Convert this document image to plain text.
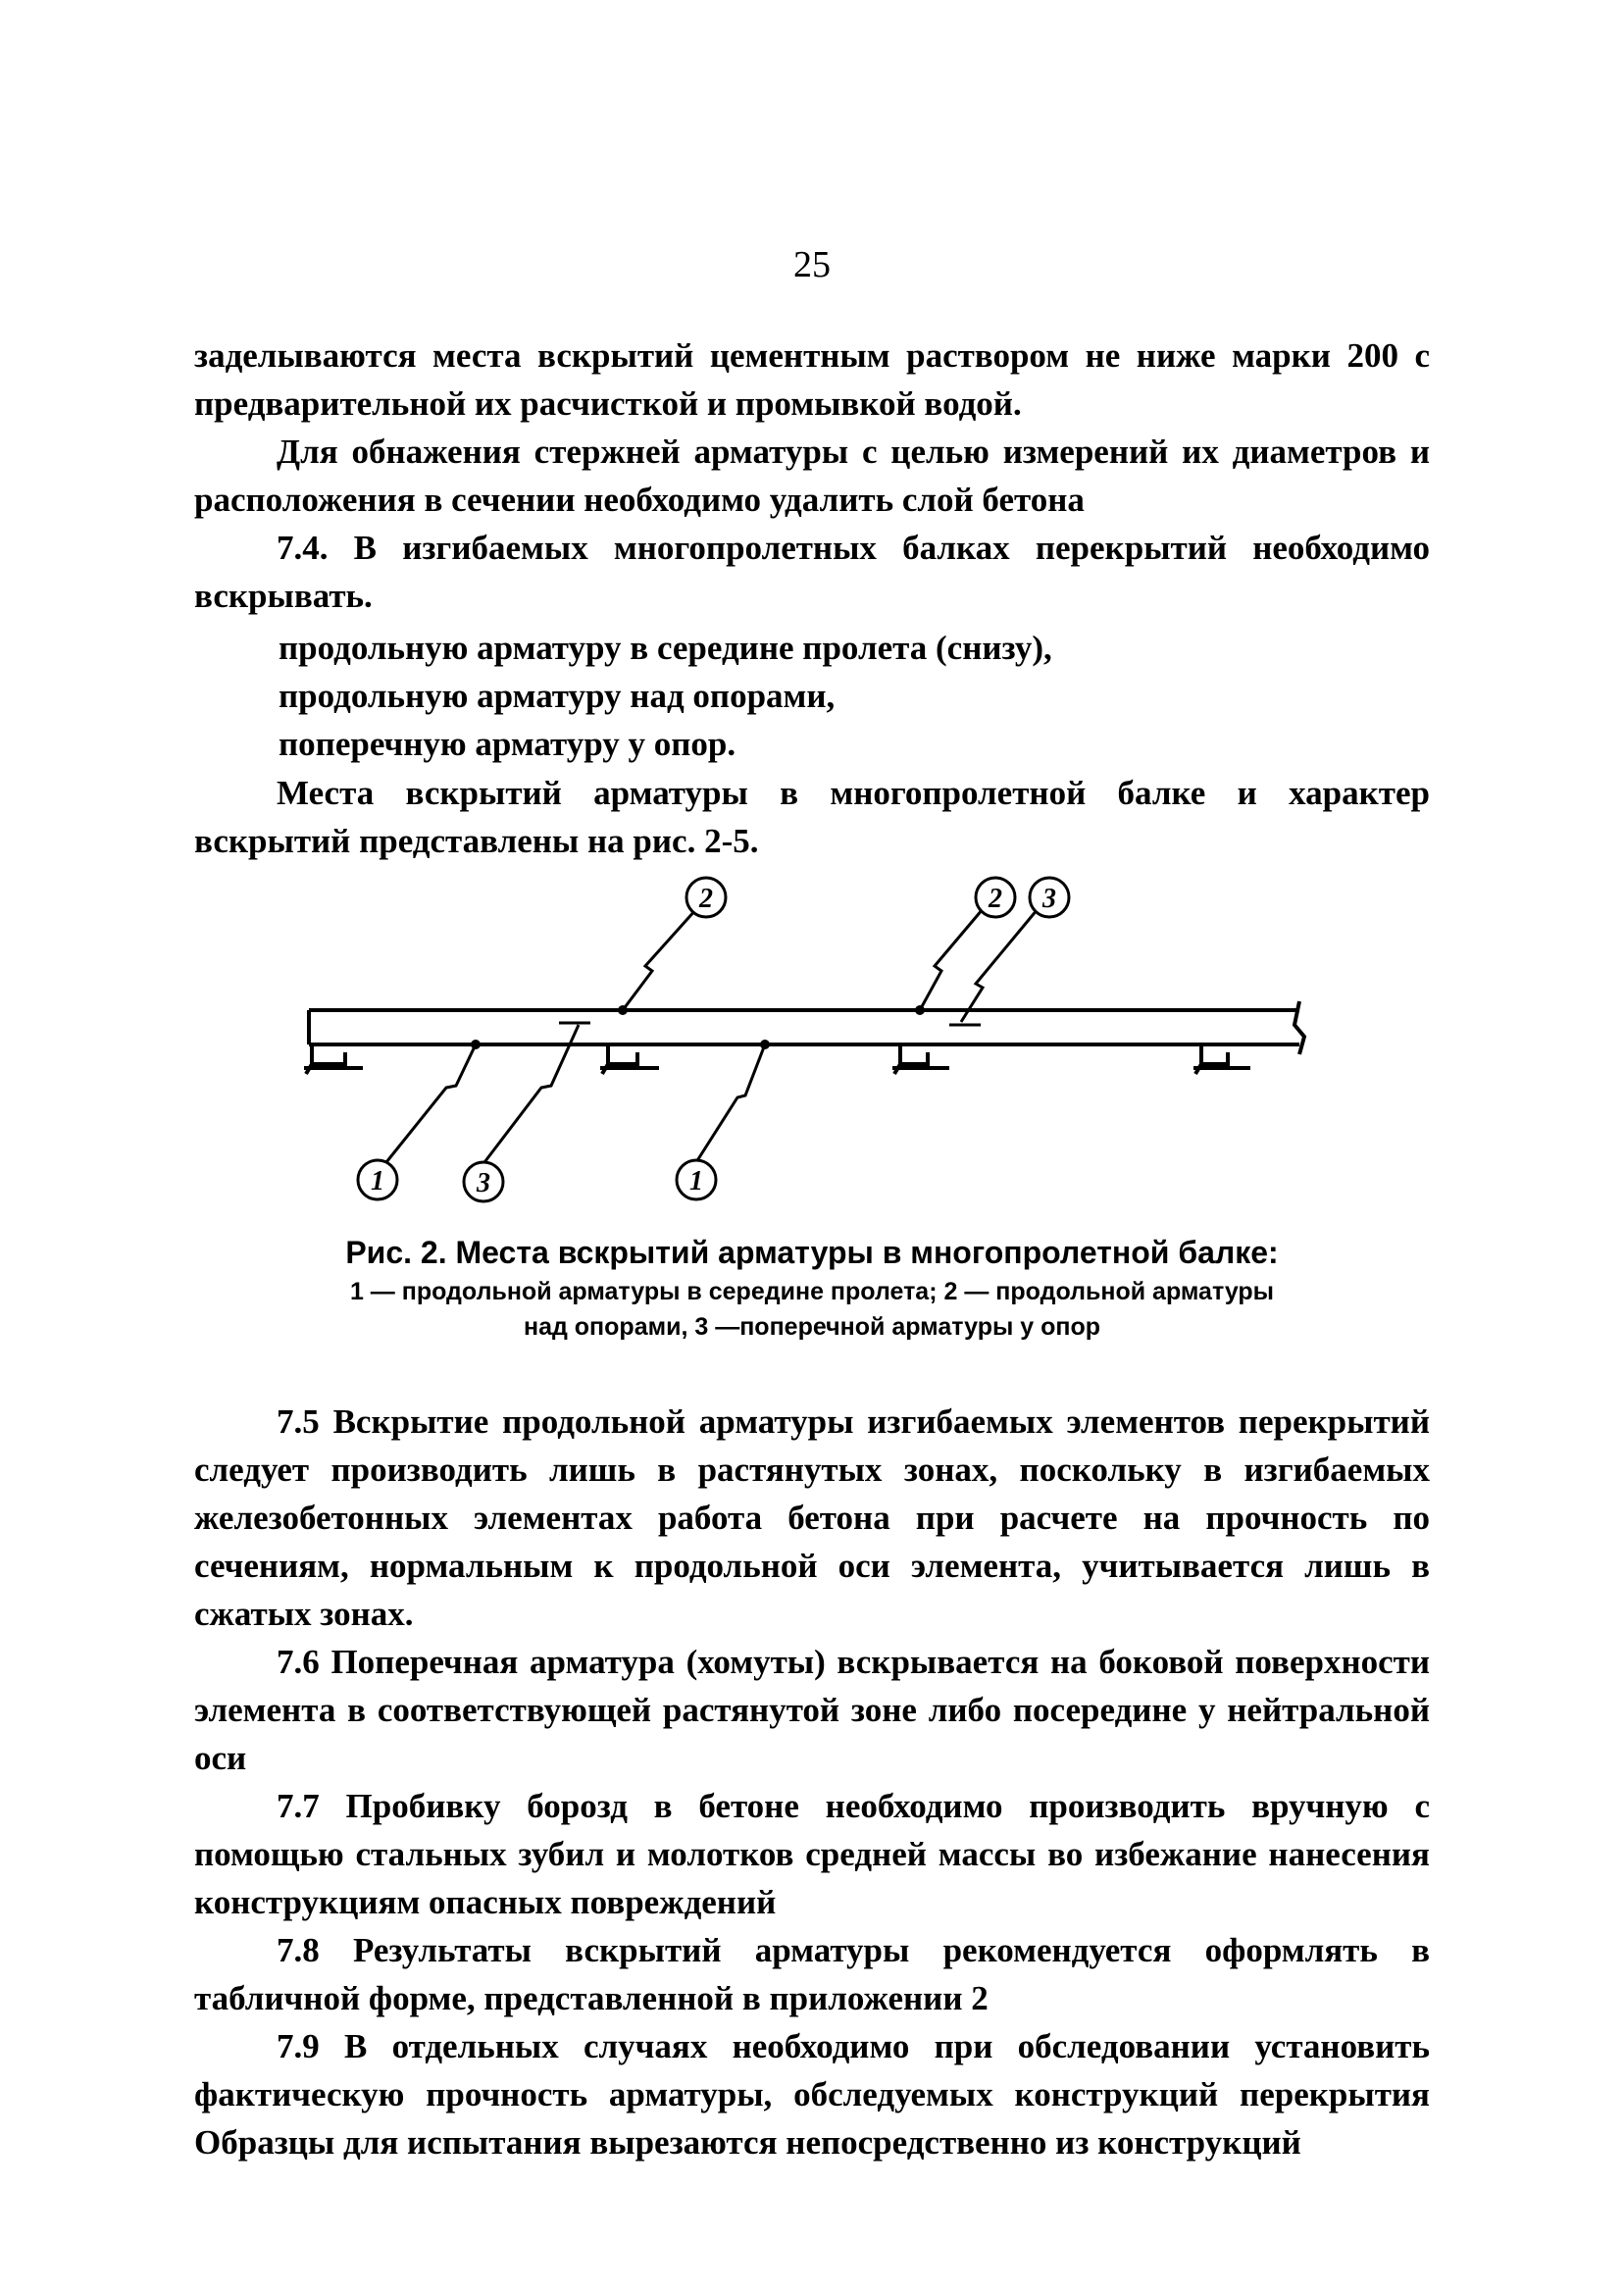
25

заделываются места вскрытий цементным раствором не ниже марки 200 с предварительной их расчисткой и промывкой водой.

Для обнажения стержней арматуры с целью измерений их диаметров и расположения в сечении необходимо удалить слой бетона

7.4. В изгибаемых многопролетных балках перекрытий необходимо вскрывать.

продольную арматуру в середине пролета (снизу),
продольную арматуру над опорами,
поперечную арматуру у опор.

Места вскрытий арматуры в многопролетной балке и характер вскрытий представлены на рис. 2-5.

1	3	1
2	2 3
Рис. 2. Места вскрытий арматуры в многопролетной балке:
1 — продольной арматуры в середине пролета; 2 — продольной арматуры
над опорами, 3 —поперечной арматуры у опор

7.5 Вскрытие продольной арматуры изгибаемых элементов перекрытий следует производить лишь в растянутых зонах, поскольку в изгибаемых железобетонных элементах работа бетона при расчете на прочность по сечениям, нормальным к продольной оси элемента, учитывается лишь в сжатых зонах.

7.6 Поперечная арматура (хомуты) вскрывается на боковой поверхности элемента в соответствующей растянутой зоне либо посередине у нейтральной оси

7.7 Пробивку борозд в бетоне необходимо производить вручную с помощью стальных зубил и молотков средней массы во избежание нанесения конструкциям опасных повреждений

7.8 Результаты вскрытий арматуры рекомендуется оформлять в табличной форме, представленной в приложении 2

7.9 В отдельных случаях необходимо при обследовании установить фактическую прочность арматуры, обследуемых конструкций перекрытия Образцы для испытания вырезаются непосредственно из конструкций
